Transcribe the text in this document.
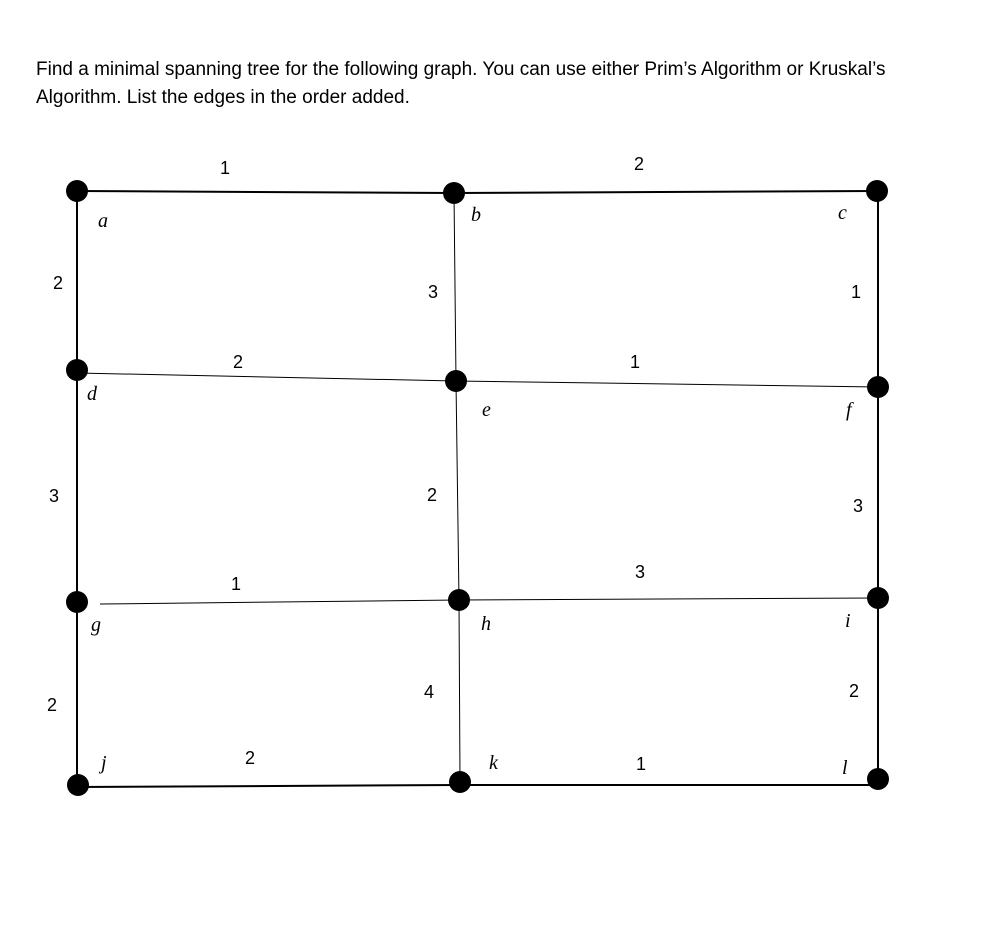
Find a minimal spanning tree for the following graph. You can use either Prim’s Algorithm or Kruskal’s
Algorithm. List the edges in the order added.
a	b	c
d
e	f
g	h	i
j	k	l
1	2
2	3	1
2	1
3	2
3
1
3
2
4	2
2	1
